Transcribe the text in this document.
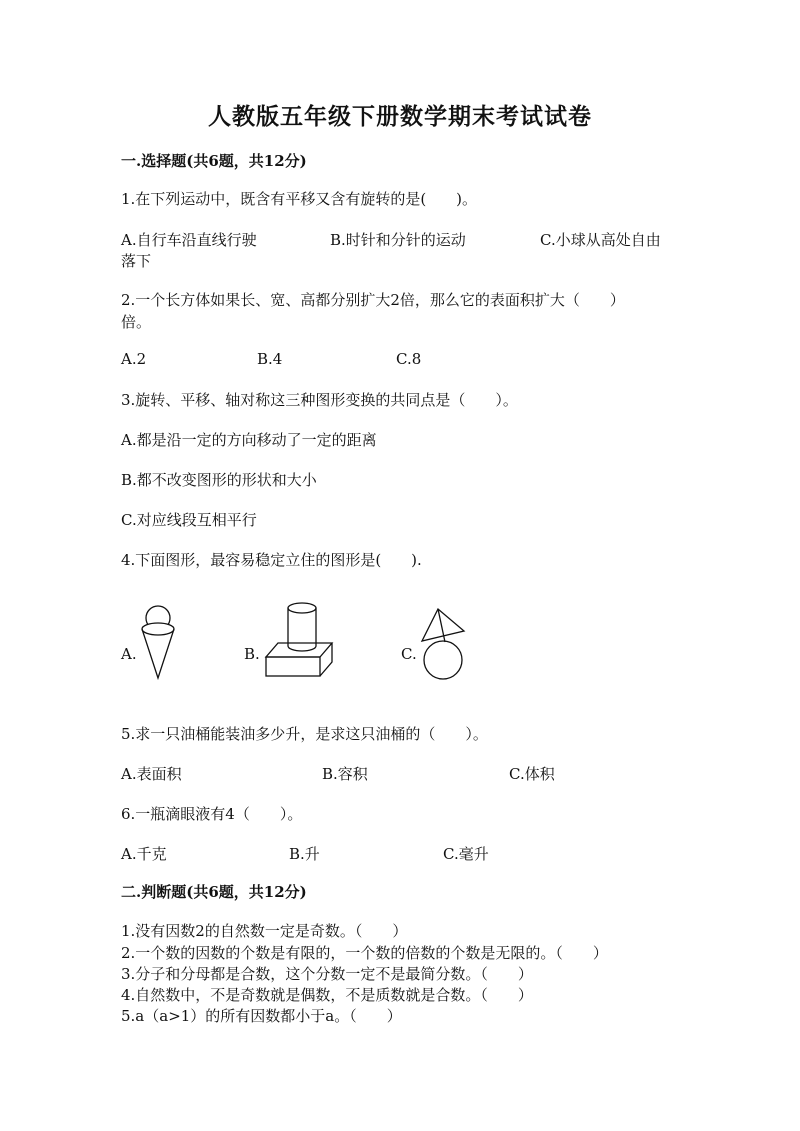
人教版五年级下册数学期末考试试卷
一.选择题(共6题，共12分)
1.在下列运动中，既含有平移又含有旋转的是(　　)。
A.自行车沿直线行驶	B.时针和分针的运动	C.小球从高处自由
落下
2.一个长方体如果长、宽、高都分别扩大2倍，那么它的表面积扩大（　　）
倍。
A.2	B.4	C.8
3.旋转、平移、轴对称这三种图形变换的共同点是（　　）。
A.都是沿一定的方向移动了一定的距离
B.都不改变图形的形状和大小
C.对应线段互相平行
4.下面图形，最容易稳定立住的图形是(　　).
A.	B.	C.
5.求一只油桶能装油多少升，是求这只油桶的（　　）。
A.表面积	B.容积	C.体积
6.一瓶滴眼液有4（　　）。
A.千克	B.升	C.毫升
二.判断题(共6题，共12分)
1.没有因数2的自然数一定是奇数。（　　）
2.一个数的因数的个数是有限的，一个数的倍数的个数是无限的。（　　）
3.分子和分母都是合数，这个分数一定不是最简分数。（　　）
4.自然数中，不是奇数就是偶数，不是质数就是合数。（　　）
5.a（a>1）的所有因数都小于a。（　　）
